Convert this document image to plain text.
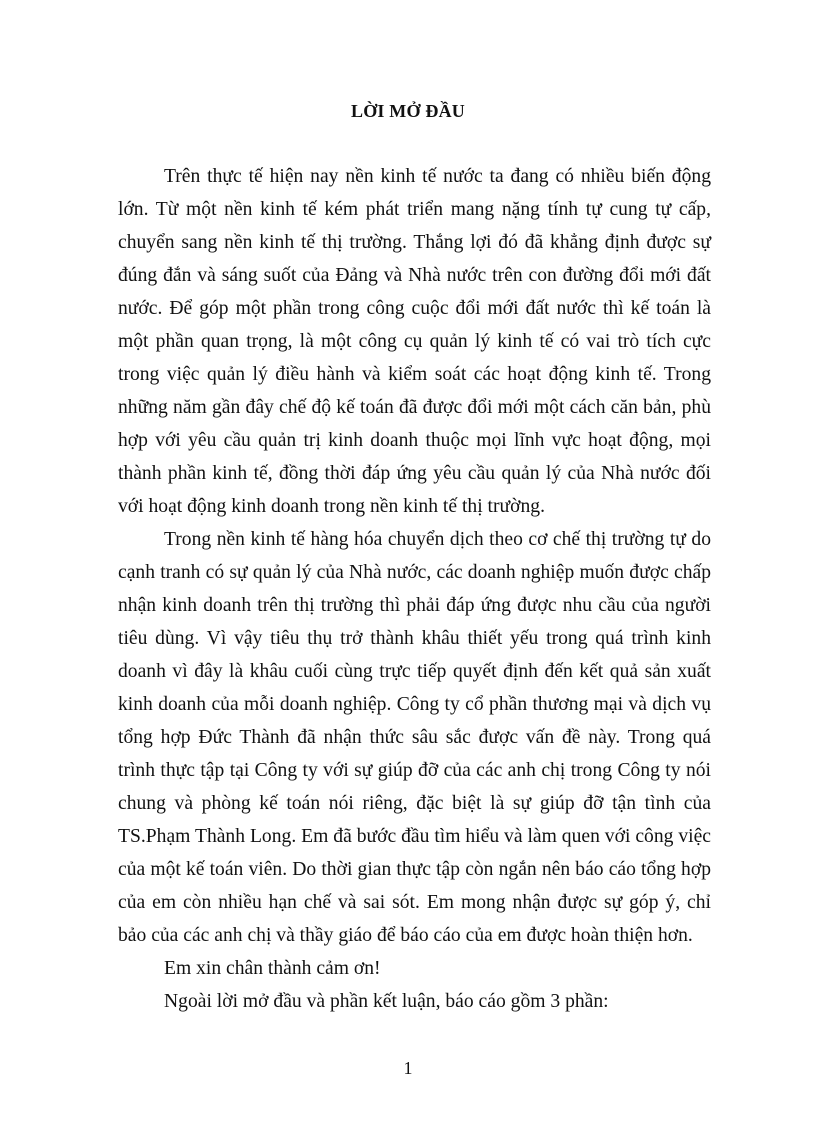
LỜI MỞ ĐẦU

Trên thực tế hiện nay nền kinh tế nước ta đang có nhiều biến động lớn. Từ một nền kinh tế kém phát triển mang nặng tính tự cung tự cấp, chuyển sang nền kinh tế thị trường. Thắng lợi đó đã khẳng định được sự đúng đắn và sáng suốt của Đảng và Nhà nước trên con đường đổi mới đất nước. Để góp một phần trong công cuộc đổi mới đất nước thì kế toán là một phần quan trọng, là một công cụ quản lý kinh tế có vai trò tích cực trong việc quản lý điều hành và kiểm soát các hoạt động kinh tế. Trong những năm gần đây chế độ kế toán đã được đổi mới một cách căn bản, phù hợp với yêu cầu quản trị kinh doanh thuộc mọi lĩnh vực hoạt động, mọi thành phần kinh tế, đồng thời đáp ứng yêu cầu quản lý của Nhà nước đối với hoạt động kinh doanh trong nền kinh tế thị trường.

Trong nền kinh tế hàng hóa chuyển dịch theo cơ chế thị trường tự do cạnh tranh có sự quản lý của Nhà nước, các doanh nghiệp muốn được chấp nhận kinh doanh trên thị trường thì phải đáp ứng được nhu cầu của người tiêu dùng. Vì vậy tiêu thụ trở thành khâu thiết yếu trong quá trình kinh doanh vì đây là khâu cuối cùng trực tiếp quyết định đến kết quả sản xuất kinh doanh của mỗi doanh nghiệp. Công ty cổ phần thương mại và dịch vụ tổng hợp Đức Thành đã nhận thức sâu sắc được vấn đề này. Trong quá trình thực tập tại Công ty với sự giúp đỡ của các anh chị trong Công ty nói chung và phòng kế toán nói riêng, đặc biệt là sự giúp đỡ tận tình của TS.Phạm Thành Long. Em đã bước đầu tìm hiểu và làm quen với công việc của một kế toán viên. Do thời gian thực tập còn ngắn nên báo cáo tổng hợp của em còn nhiều hạn chế và sai sót. Em mong nhận được sự góp ý, chỉ bảo của các anh chị và thầy giáo để báo cáo của em được hoàn thiện hơn.

Em xin chân thành cảm ơn!

Ngoài lời mở đầu và phần kết luận, báo cáo gồm 3 phần:

1
